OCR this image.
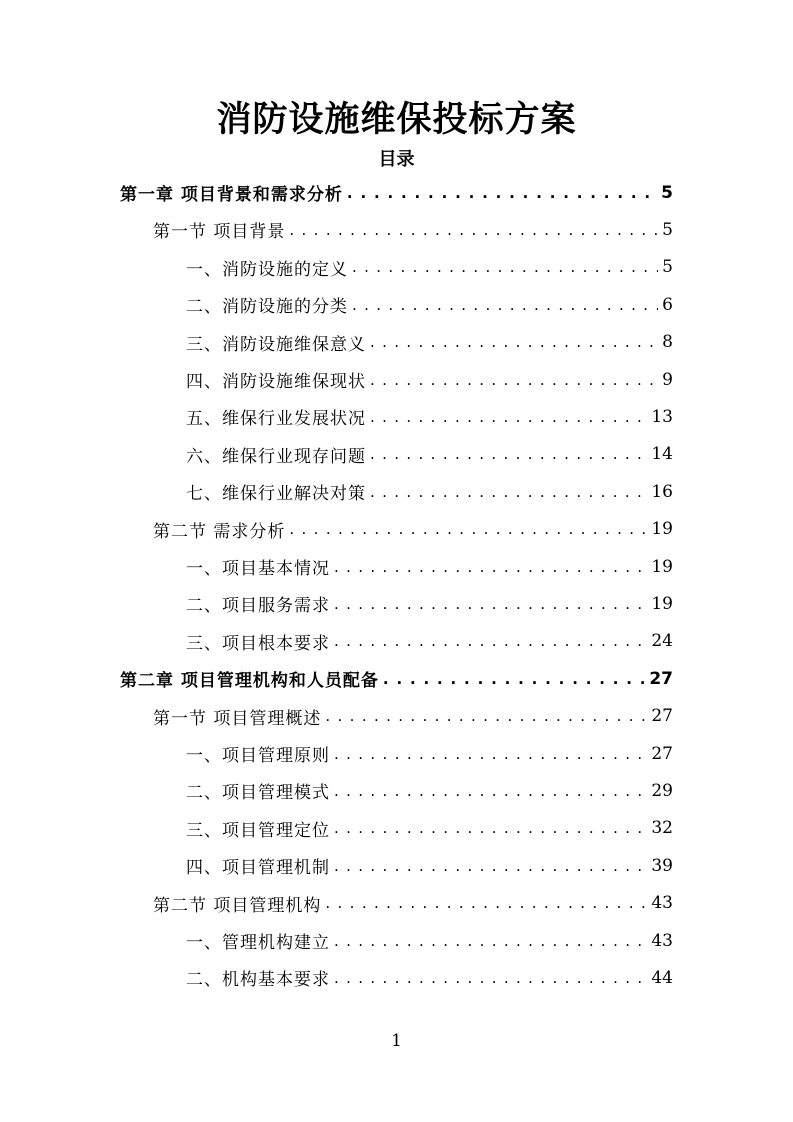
消防设施维保投标方案
目录
第一章 项目背景和需求分析 . . .	5
第一节 项目背景 . . .	5
一、消防设施的定义 . . .	5
二、消防设施的分类 . . .	6
三、消防设施维保意义 . . .	8
四、消防设施维保现状 . . .	9
五、维保行业发展状况 . . .	13
六、维保行业现存问题 . . .	14
七、维保行业解决对策 . . .	16
第二节 需求分析 . . .	19
一、项目基本情况 . . .	19
二、项目服务需求 . . .	19
三、项目根本要求 . . .	24
第二章 项目管理机构和人员配备 . . .	27
第一节 项目管理概述 . . .	27
一、项目管理原则 . . .	27
二、项目管理模式 . . .	29
三、项目管理定位 . . .	32
四、项目管理机制 . . .	39
第二节 项目管理机构 . . .	43
一、管理机构建立 . . .	43
二、机构基本要求 . . .	44
1
